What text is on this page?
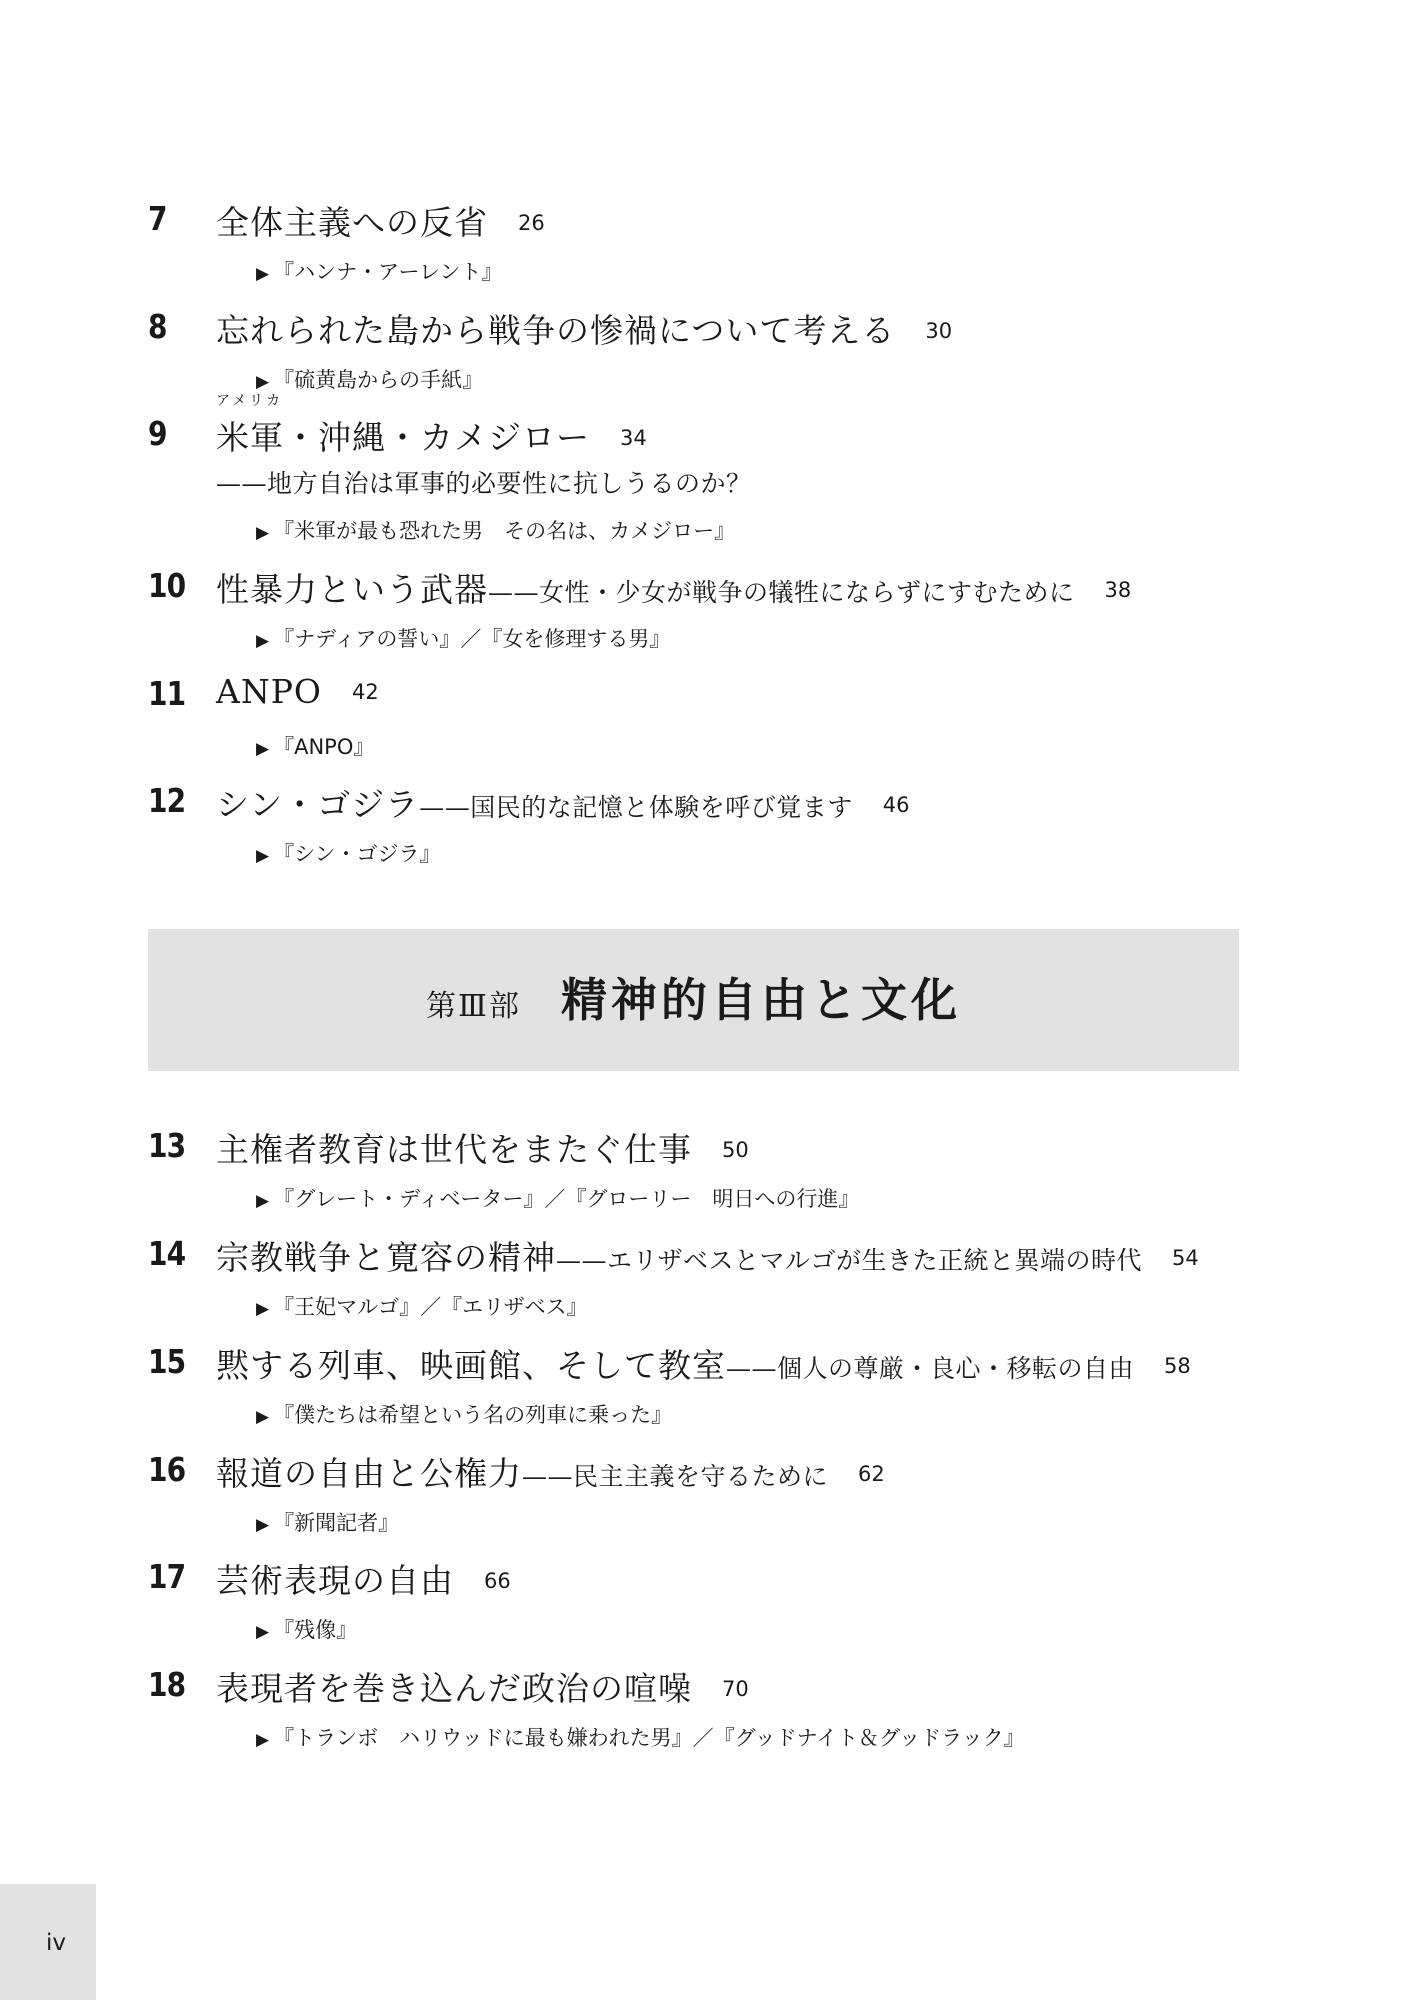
7	全体主義への反省 26
▶ 『ハンナ・アーレント』
8	忘れられた島から戦争の惨禍について考える 30
▶ 『硫黄島からの手紙』
9
アメリカ
米軍・沖縄・カメジロー 34
——地方自治は軍事的必要性に抗しうるのか？
▶ 『米軍が最も恐れた男　その名は、カメジロー』
10 性暴力という武器——女性・少女が戦争の犠牲にならずにすむために 38
▶ 『ナディアの誓い』／『女を修理する男』
11 ANPO 42
▶ 『ANPO』
12 シン・ゴジラ——国民的な記憶と体験を呼び覚ます 46
▶ 『シン・ゴジラ』
第Ⅲ部 精神的自由と文化
13 主権者教育は世代をまたぐ仕事 50
▶ 『グレート・ディベーター』／『グローリー　明日への行進』
14 宗教戦争と寛容の精神——エリザベスとマルゴが生きた正統と異端の時代 54
▶ 『王妃マルゴ』／『エリザベス』
15 黙する列車、映画館、そして教室——個人の尊厳・良心・移転の自由 58
▶ 『僕たちは希望という名の列車に乗った』
16 報道の自由と公権力——民主主義を守るために 62
▶ 『新聞記者』
17 芸術表現の自由 66
▶ 『残像』
18 表現者を巻き込んだ政治の喧噪 70
▶ 『トランボ　ハリウッドに最も嫌われた男』／『グッドナイト＆グッドラック』
iv
